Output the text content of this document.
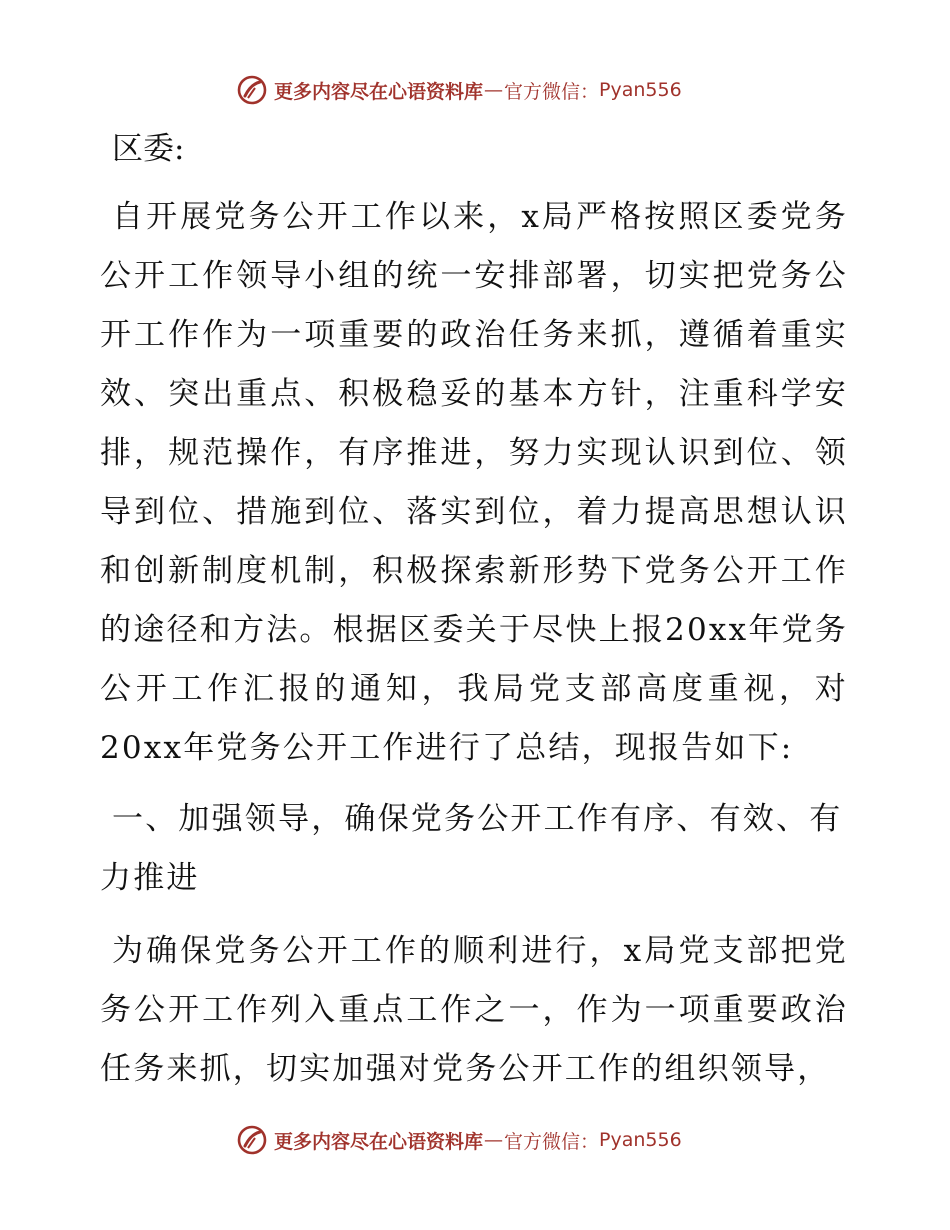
更多内容尽在心语资料库 — 官方微信： Pyan556

区委:

自开展党务公开工作以来，x局严格按照区委党务公开工作领导小组的统一安排部署，切实把党务公开工作作为一项重要的政治任务来抓，遵循着重实效、突出重点、积极稳妥的基本方针，注重科学安排，规范操作，有序推进，努力实现认识到位、领导到位、措施到位、落实到位，着力提高思想认识和创新制度机制，积极探索新形势下党务公开工作的途径和方法。根据区委关于尽快上报20xx年党务公开工作汇报的通知，我局党支部高度重视，对20xx年党务公开工作进行了总结，现报告如下:

一、加强领导，确保党务公开工作有序、有效、有力推进

为确保党务公开工作的顺利进行，x局党支部把党务公开工作列入重点工作之一，作为一项重要政治任务来抓，切实加强对党务公开工作的组织领导，

更多内容尽在心语资料库 — 官方微信： Pyan556
